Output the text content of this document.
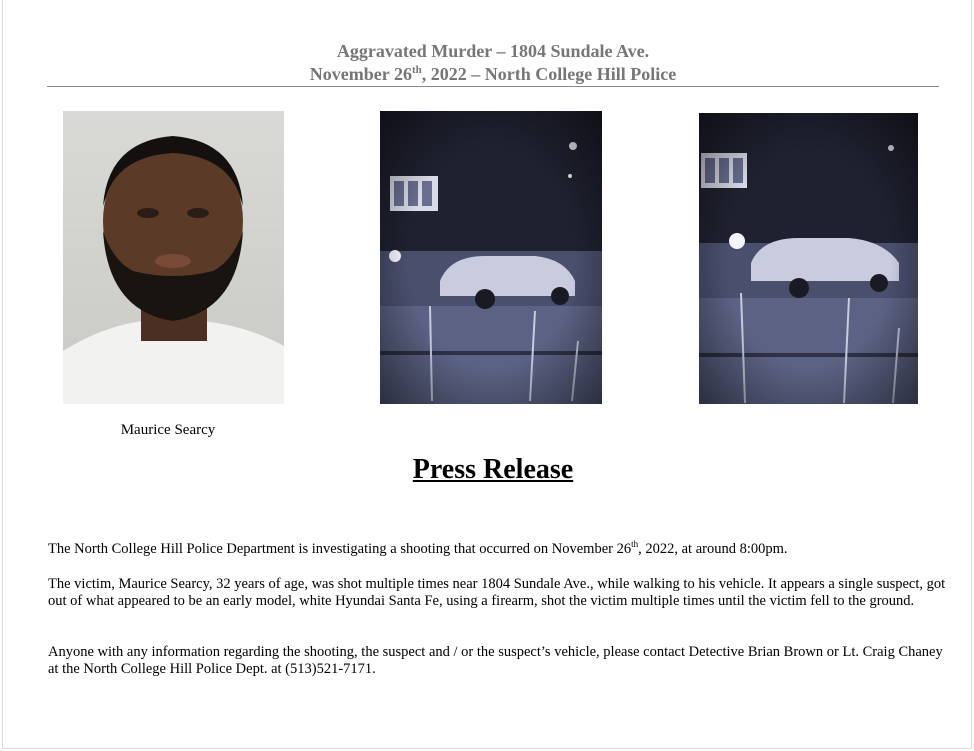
Aggravated Murder – 1804 Sundale Ave.
November 26th, 2022 – North College Hill Police
Maurice Searcy
Press Release
The North College Hill Police Department is investigating a shooting that occurred on November 26th, 2022, at around 8:00pm.
The victim, Maurice Searcy, 32 years of age, was shot multiple times near 1804 Sundale Ave., while walking to his vehicle. It appears a single suspect, got out of what appeared to be an early model, white Hyundai Santa Fe, using a firearm, shot the victim multiple times until the victim fell to the ground.
Anyone with any information regarding the shooting, the suspect and / or the suspect’s vehicle, please contact Detective Brian Brown or Lt. Craig Chaney at the North College Hill Police Dept. at (513)521-7171.
